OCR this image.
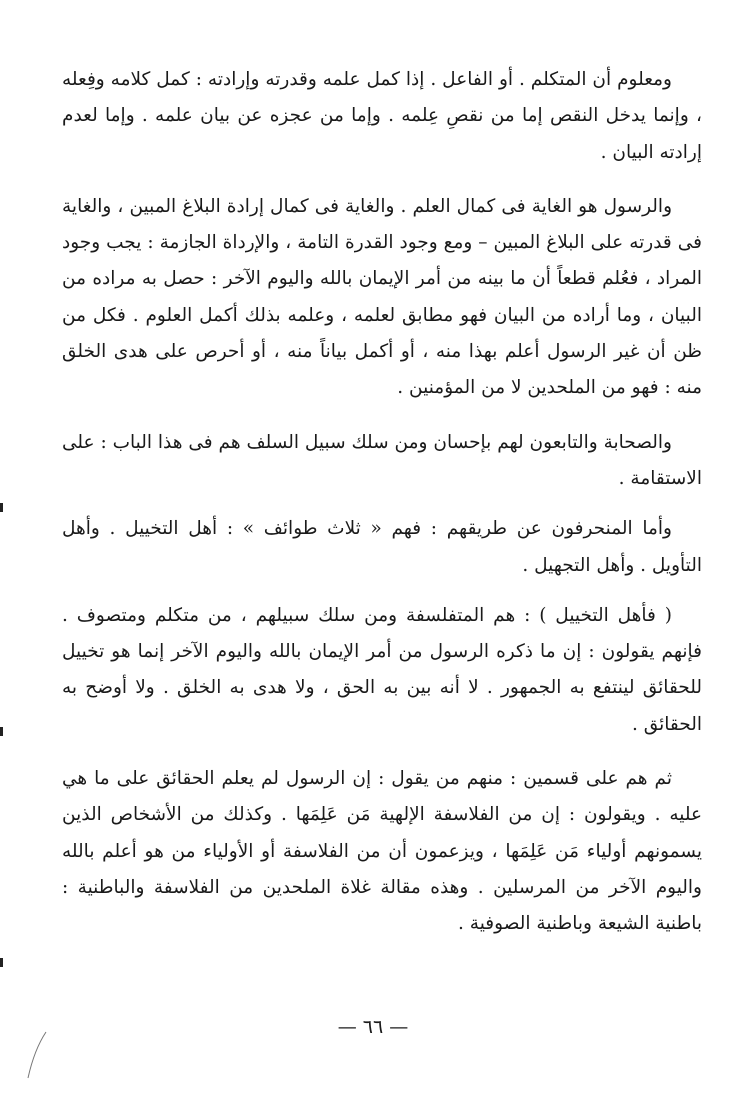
ومعلوم أن المتكلم . أو الفاعل . إذا كمل علمه وقدرته وإرادته : كمل كلامه وفِعله ، وإنما يدخل النقص إما من نقصِ عِلمه . وإما من عجزه عن بيان علمه . وإما لعدم إرادته البيان .

والرسول هو الغاية فى كمال العلم . والغاية فى كمال إرادة البلاغ المبين ، والغاية فى قدرته على البلاغ المبين – ومع وجود القدرة التامة ، والإرداة الجازمة : يجب وجود المراد ، فعُلم قطعاً أن ما بينه من أمر الإيمان بالله واليوم الآخر : حصل به مراده من البيان ، وما أراده من البيان فهو مطابق لعلمه ، وعلمه بذلك أكمل العلوم . فكل من ظن أن غير الرسول أعلم بهذا منه ، أو أكمل بياناً منه ، أو أحرص على هدى الخلق منه : فهو من الملحدين لا من المؤمنين .

والصحابة والتابعون لهم بإحسان ومن سلك سبيل السلف هم فى هذا الباب : على الاستقامة .

وأما المنحرفون عن طريقهم : فهم « ثلاث طوائف » : أهل التخييل . وأهل التأويل . وأهل التجهيل .

( فأهل التخييل ) : هم المتفلسفة ومن سلك سبيلهم ، من متكلم ومتصوف . فإنهم يقولون : إن ما ذكره الرسول من أمر الإيمان بالله واليوم الآخر إنما هو تخييل للحقائق لينتفع به الجمهور . لا أنه بين به الحق ، ولا هدى به الخلق . ولا أوضح به الحقائق .

ثم هم على قسمين : منهم من يقول : إن الرسول لم يعلم الحقائق على ما هي عليه . ويقولون : إن من الفلاسفة الإلهية مَن عَلِمَها . وكذلك من الأشخاص الذين يسمونهم أولياء مَن عَلِمَها ، ويزعمون أن من الفلاسفة أو الأولياء من هو أعلم بالله واليوم الآخر من المرسلين . وهذه مقالة غلاة الملحدين من الفلاسفة والباطنية : باطنية الشيعة وباطنية الصوفية .

— ٦٦ —
